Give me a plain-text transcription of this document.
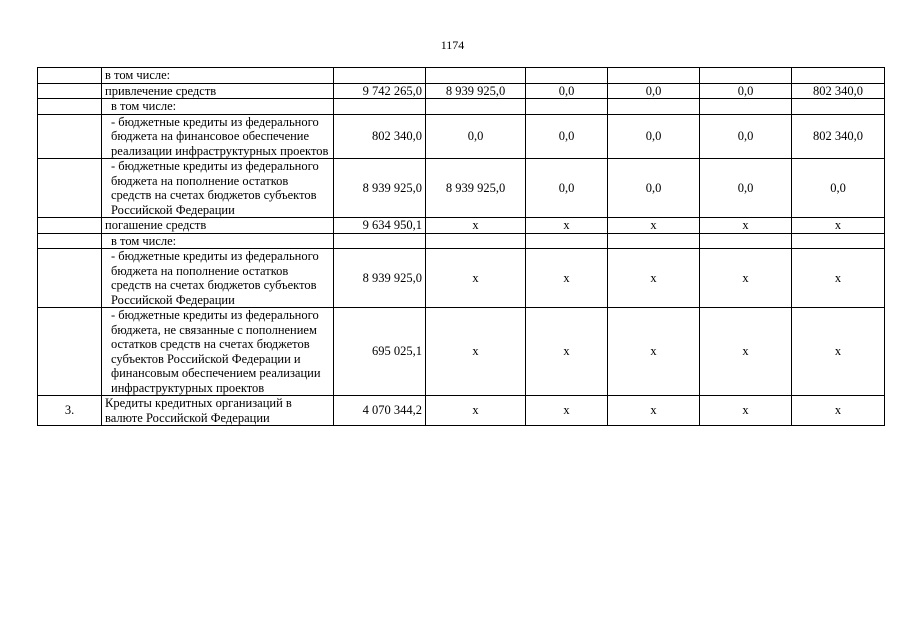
1174
	в том числе:						
	привлечение средств	9 742 265,0	8 939 925,0	0,0	0,0	0,0	802 340,0
	в том числе:						
	- бюджетные кредиты из федерального бюджета на финансовое обеспечение реализации инфраструктурных проектов	802 340,0	0,0	0,0	0,0	0,0	802 340,0
	- бюджетные кредиты из федерального бюджета на пополнение остатков средств на счетах бюджетов субъектов Российской Федерации	8 939 925,0	8 939 925,0	0,0	0,0	0,0	0,0
	погашение средств	9 634 950,1	х	х	х	х	х
	в том числе:						
	- бюджетные кредиты из федерального бюджета на пополнение остатков средств на счетах бюджетов субъектов Российской Федерации	8 939 925,0	х	х	х	х	х
	- бюджетные кредиты из федерального бюджета, не связанные с пополнением остатков средств на счетах бюджетов субъектов Российской Федерации и финансовым обеспечением реализации инфраструктурных проектов	695 025,1	х	х	х	х	х
3.	Кредиты кредитных организаций в валюте Российской Федерации	4 070 344,2	х	х	х	х	х
